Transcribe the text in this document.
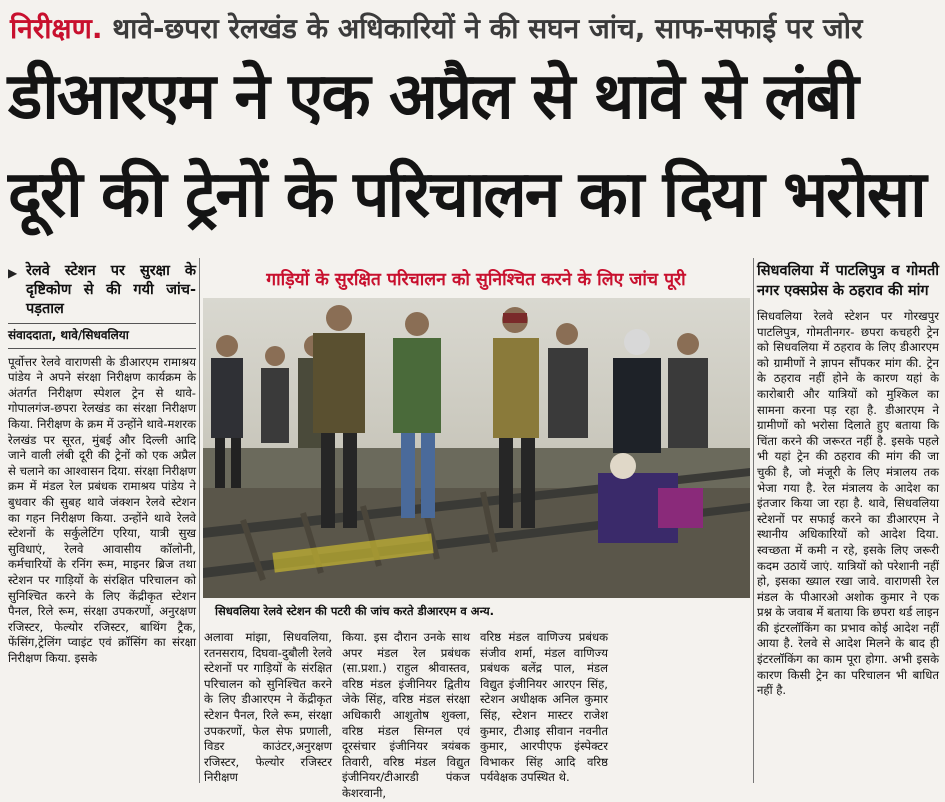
निरीक्षण. थावे-छपरा रेलखंड के अधिकारियों ने की सघन जांच, साफ-सफाई पर जोर
डीआरएम ने एक अप्रैल से थावे से लंबी
दूरी की ट्रेनों के परिचालन का दिया भरोसा
▶ रेलवे स्टेशन पर सुरक्षा के दृष्टिकोण से की गयी जांच-पड़ताल
संवाददाता, थावे/सिधवलिया
पूर्वोत्तर रेलवे वाराणसी के डीआरएम रामाश्रय पांडेय ने अपने संरक्षा निरीक्षण कार्यक्रम के अंतर्गत निरीक्षण स्पेशल ट्रेन से थावे-गोपालगंज-छपरा रेलखंड का संरक्षा निरीक्षण किया. निरीक्षण के क्रम में उन्होंने थावे-मशरक रेलखंड पर सूरत, मुंबई और दिल्ली आदि जाने वाली लंबी दूरी की ट्रेनों को एक अप्रैल से चलाने का आश्वासन दिया. संरक्षा निरीक्षण क्रम में मंडल रेल प्रबंधक रामाश्रय पांडेय ने बुधवार की सुबह थावे जंक्शन रेलवे स्टेशन का गहन निरीक्षण किया. उन्होंने थावे रेलवे स्टेशनों के सर्कुलेटिंग एरिया, यात्री सुख सुविधाएं, रेलवे आवासीय कॉलोनी, कर्मचारियों के रनिंग रूम, माइनर ब्रिज तथा स्टेशन पर गाड़ियों के संरक्षित परिचालन को सुनिश्चित करने के लिए केंद्रीकृत स्टेशन पैनल, रिले रूम, संरक्षा उपकरणों, अनुरक्षण रजिस्टर, फेल्योर रजिस्टर, बाथिंग ट्रैक, फेंसिंग,ट्रेलिंग प्वाइंट एवं क्रॉसिंग का संरक्षा निरीक्षण किया. इसके
गाड़ियों के सुरक्षित परिचालन को सुनिश्चित करने के लिए जांच पूरी
सिधवलिया रेलवे स्टेशन की पटरी की जांच करते डीआरएम व अन्य.
अलावा मांझा, सिधवलिया, रतनसराय, दिघवा-दुबौली रेलवे स्टेशनों पर गाड़ियों के संरक्षित परिचालन को सुनिश्चित करने के लिए डीआरएम ने केंद्रीकृत स्टेशन पैनल, रिले रूम, संरक्षा उपकरणों, फेल सेफ प्रणाली, विडर काउंटर,अनुरक्षण रजिस्टर, फेल्योर रजिस्टर निरीक्षण
किया. इस दौरान उनके साथ अपर मंडल रेल प्रबंधक (सा.प्रशा.) राहुल श्रीवास्तव, वरिष्ठ मंडल इंजीनियर द्वितीय जेके सिंह, वरिष्ठ मंडल संरक्षा अधिकारी आशुतोष शुक्ला, वरिष्ठ मंडल सिग्नल एवं दूरसंचार इंजीनियर त्रयंबक तिवारी, वरिष्ठ मंडल विद्युत इंजीनियर/टीआरडी पंकज केशरवानी,
वरिष्ठ मंडल वाणिज्य प्रबंधक संजीव शर्मा, मंडल वाणिज्य प्रबंधक बलेंद्र पाल, मंडल विद्युत इंजीनियर आरएन सिंह, स्टेशन अधीक्षक अनिल कुमार सिंह, स्टेशन मास्टर राजेश कुमार, टीआइ सीवान नवनीत कुमार, आरपीएफ इंस्पेक्टर विभाकर सिंह आदि वरिष्ठ पर्यवेक्षक उपस्थित थे.
सिधवलिया में पाटलिपुत्र व गोमती नगर एक्सप्रेस के ठहराव की मांग
सिधवलिया रेलवे स्टेशन पर गोरखपुर पाटलिपुत्र, गोमतीनगर- छपरा कचहरी ट्रेन को सिधवलिया में ठहराव के लिए डीआरएम को ग्रामीणों ने ज्ञापन सौंपकर मांग की. ट्रेन के ठहराव नहीं होने के कारण यहां के कारोबारी और यात्रियों को मुश्किल का सामना करना पड़ रहा है. डीआरएम ने ग्रामीणों को भरोसा दिलाते हुए बताया कि चिंता करने की जरूरत नहीं है. इसके पहले भी यहां ट्रेन की ठहराव की मांग की जा चुकी है, जो मंजूरी के लिए मंत्रालय तक भेजा गया है. रेल मंत्रालय के आदेश का इंतजार किया जा रहा है. थावे, सिधवलिया स्टेशनों पर सफाई करने का डीआरएम ने स्थानीय अधिकारियों को आदेश दिया. स्वच्छता में कमी न रहे, इसके लिए जरूरी कदम उठायें जाएं. यात्रियों को परेशानी नहीं हो, इसका ख्याल रखा जावे. वाराणसी रेल मंडल के पीआरओ अशोक कुमार ने एक प्रश्न के जवाब में बताया कि छपरा थर्ड लाइन की इंटरलॉकिंग का प्रभाव कोई आदेश नहीं आया है. रेलवे से आदेश मिलने के बाद ही इंटरलॉकिंग का काम पूरा होगा. अभी इसके कारण किसी ट्रेन का परिचालन भी बाधित नहीं है.
